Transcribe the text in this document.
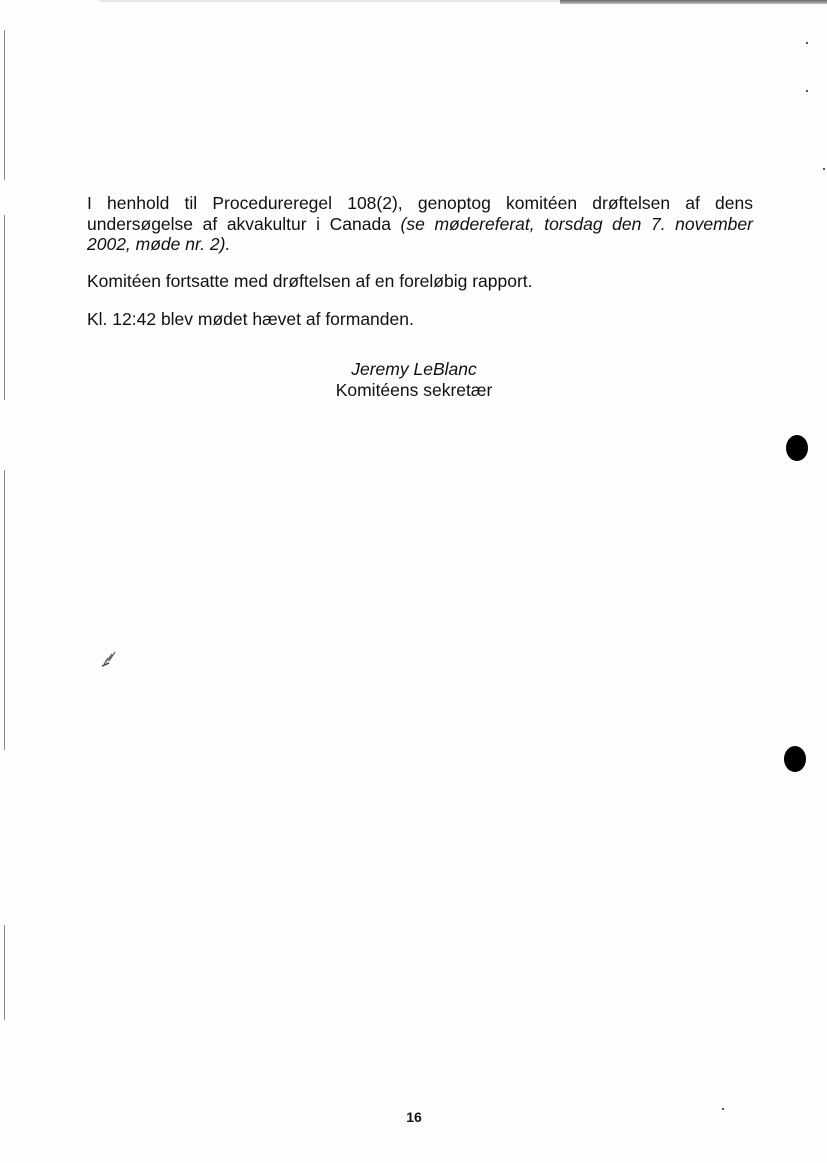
I henhold til Procedureregel 108(2), genoptog komitéen drøftelsen af dens undersøgelse af akvakultur i Canada (se mødereferat, torsdag den 7. november 2002, møde nr. 2).

Komitéen fortsatte med drøftelsen af en foreløbig rapport.

Kl. 12:42 blev mødet hævet af formanden.

Jeremy LeBlanc
Komitéens sekretær
16
